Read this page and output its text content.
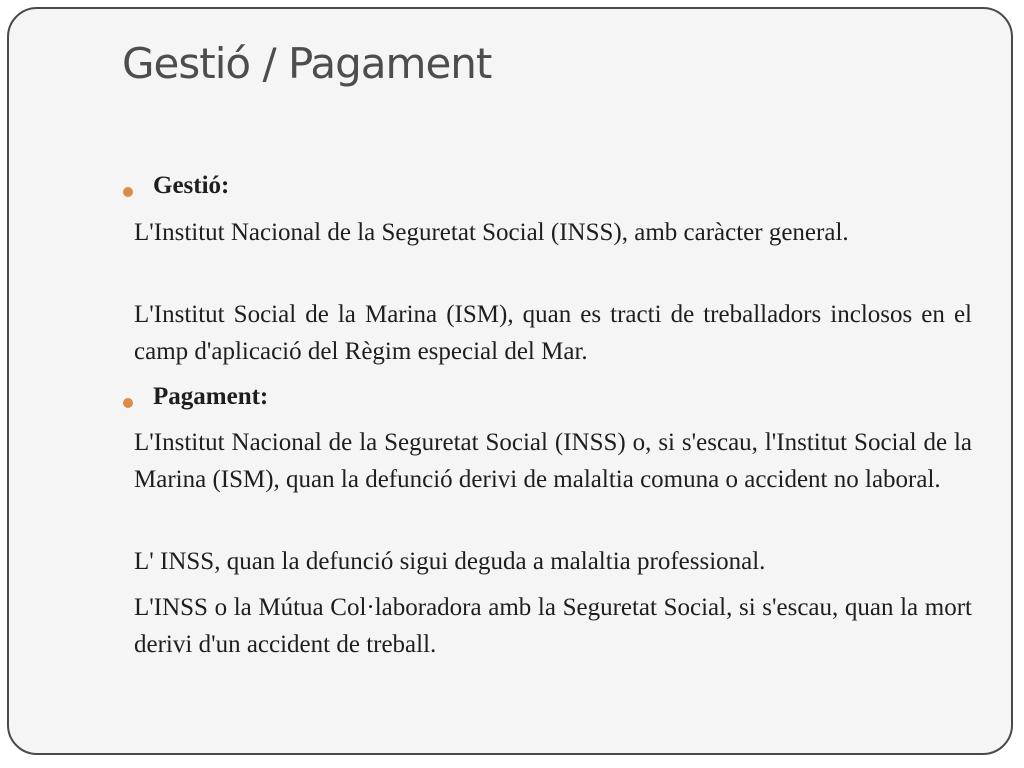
Gestió / Pagament
Gestió:

L'Institut Nacional de la Seguretat Social (INSS), amb caràcter general.

L'Institut Social de la Marina (ISM), quan es tracti de treballadors inclosos en el camp d'aplicació del Règim especial del Mar.

Pagament:

L'Institut Nacional de la Seguretat Social (INSS) o, si s'escau, l'Institut Social de la Marina (ISM), quan la defunció derivi de malaltia comuna o accident no laboral.

L' INSS, quan la defunció sigui deguda a malaltia professional.

L'INSS o la Mútua Col·laboradora amb la Seguretat Social, si s'escau, quan la mort derivi d'un accident de treball.
